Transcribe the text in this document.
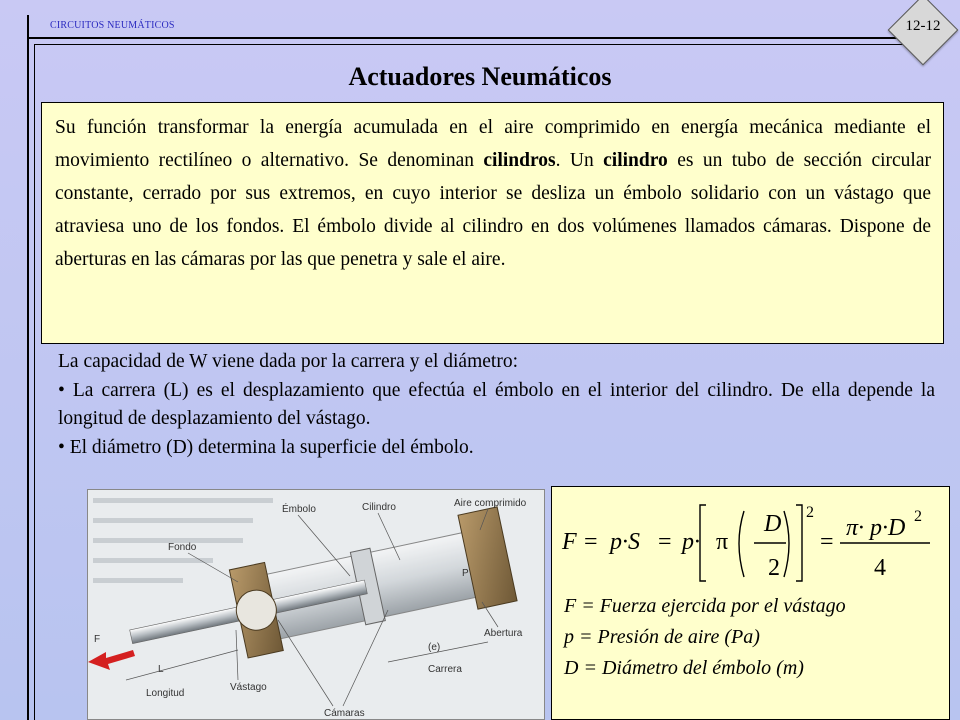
CIRCUITOS NEUMÁTICOS	12-12
Actuadores Neumáticos

Su función transformar la energía acumulada en el aire comprimido en energía mecánica mediante el movimiento rectilíneo o alternativo. Se denominan cilindros. Un cilindro es un tubo de sección circular constante, cerrado por sus extremos, en cuyo interior se desliza un émbolo solidario con un vástago que atraviesa uno de los fondos. El émbolo divide al cilindro en dos volúmenes llamados cámaras. Dispone de aberturas en las cámaras por las que penetra y sale el aire.

La capacidad de W viene dada por la carrera y el diámetro:

• La carrera (L) es el desplazamiento que efectúa el émbolo en el interior del cilindro. De ella depende la longitud de desplazamiento del vástago.

• El diámetro (D) determina la superficie del émbolo.

Émbolo	Cilindro	Aire comprimido
Fondo
F
P
(e)
Abertura
L	Carrera
Longitud
Vástago
Cámaras
F = p·S = p· π
D
2
2
=
π· p·D 2
4

F = Fuerza ejercida por el vástago

p = Presión de aire (Pa)

D = Diámetro del émbolo (m)
